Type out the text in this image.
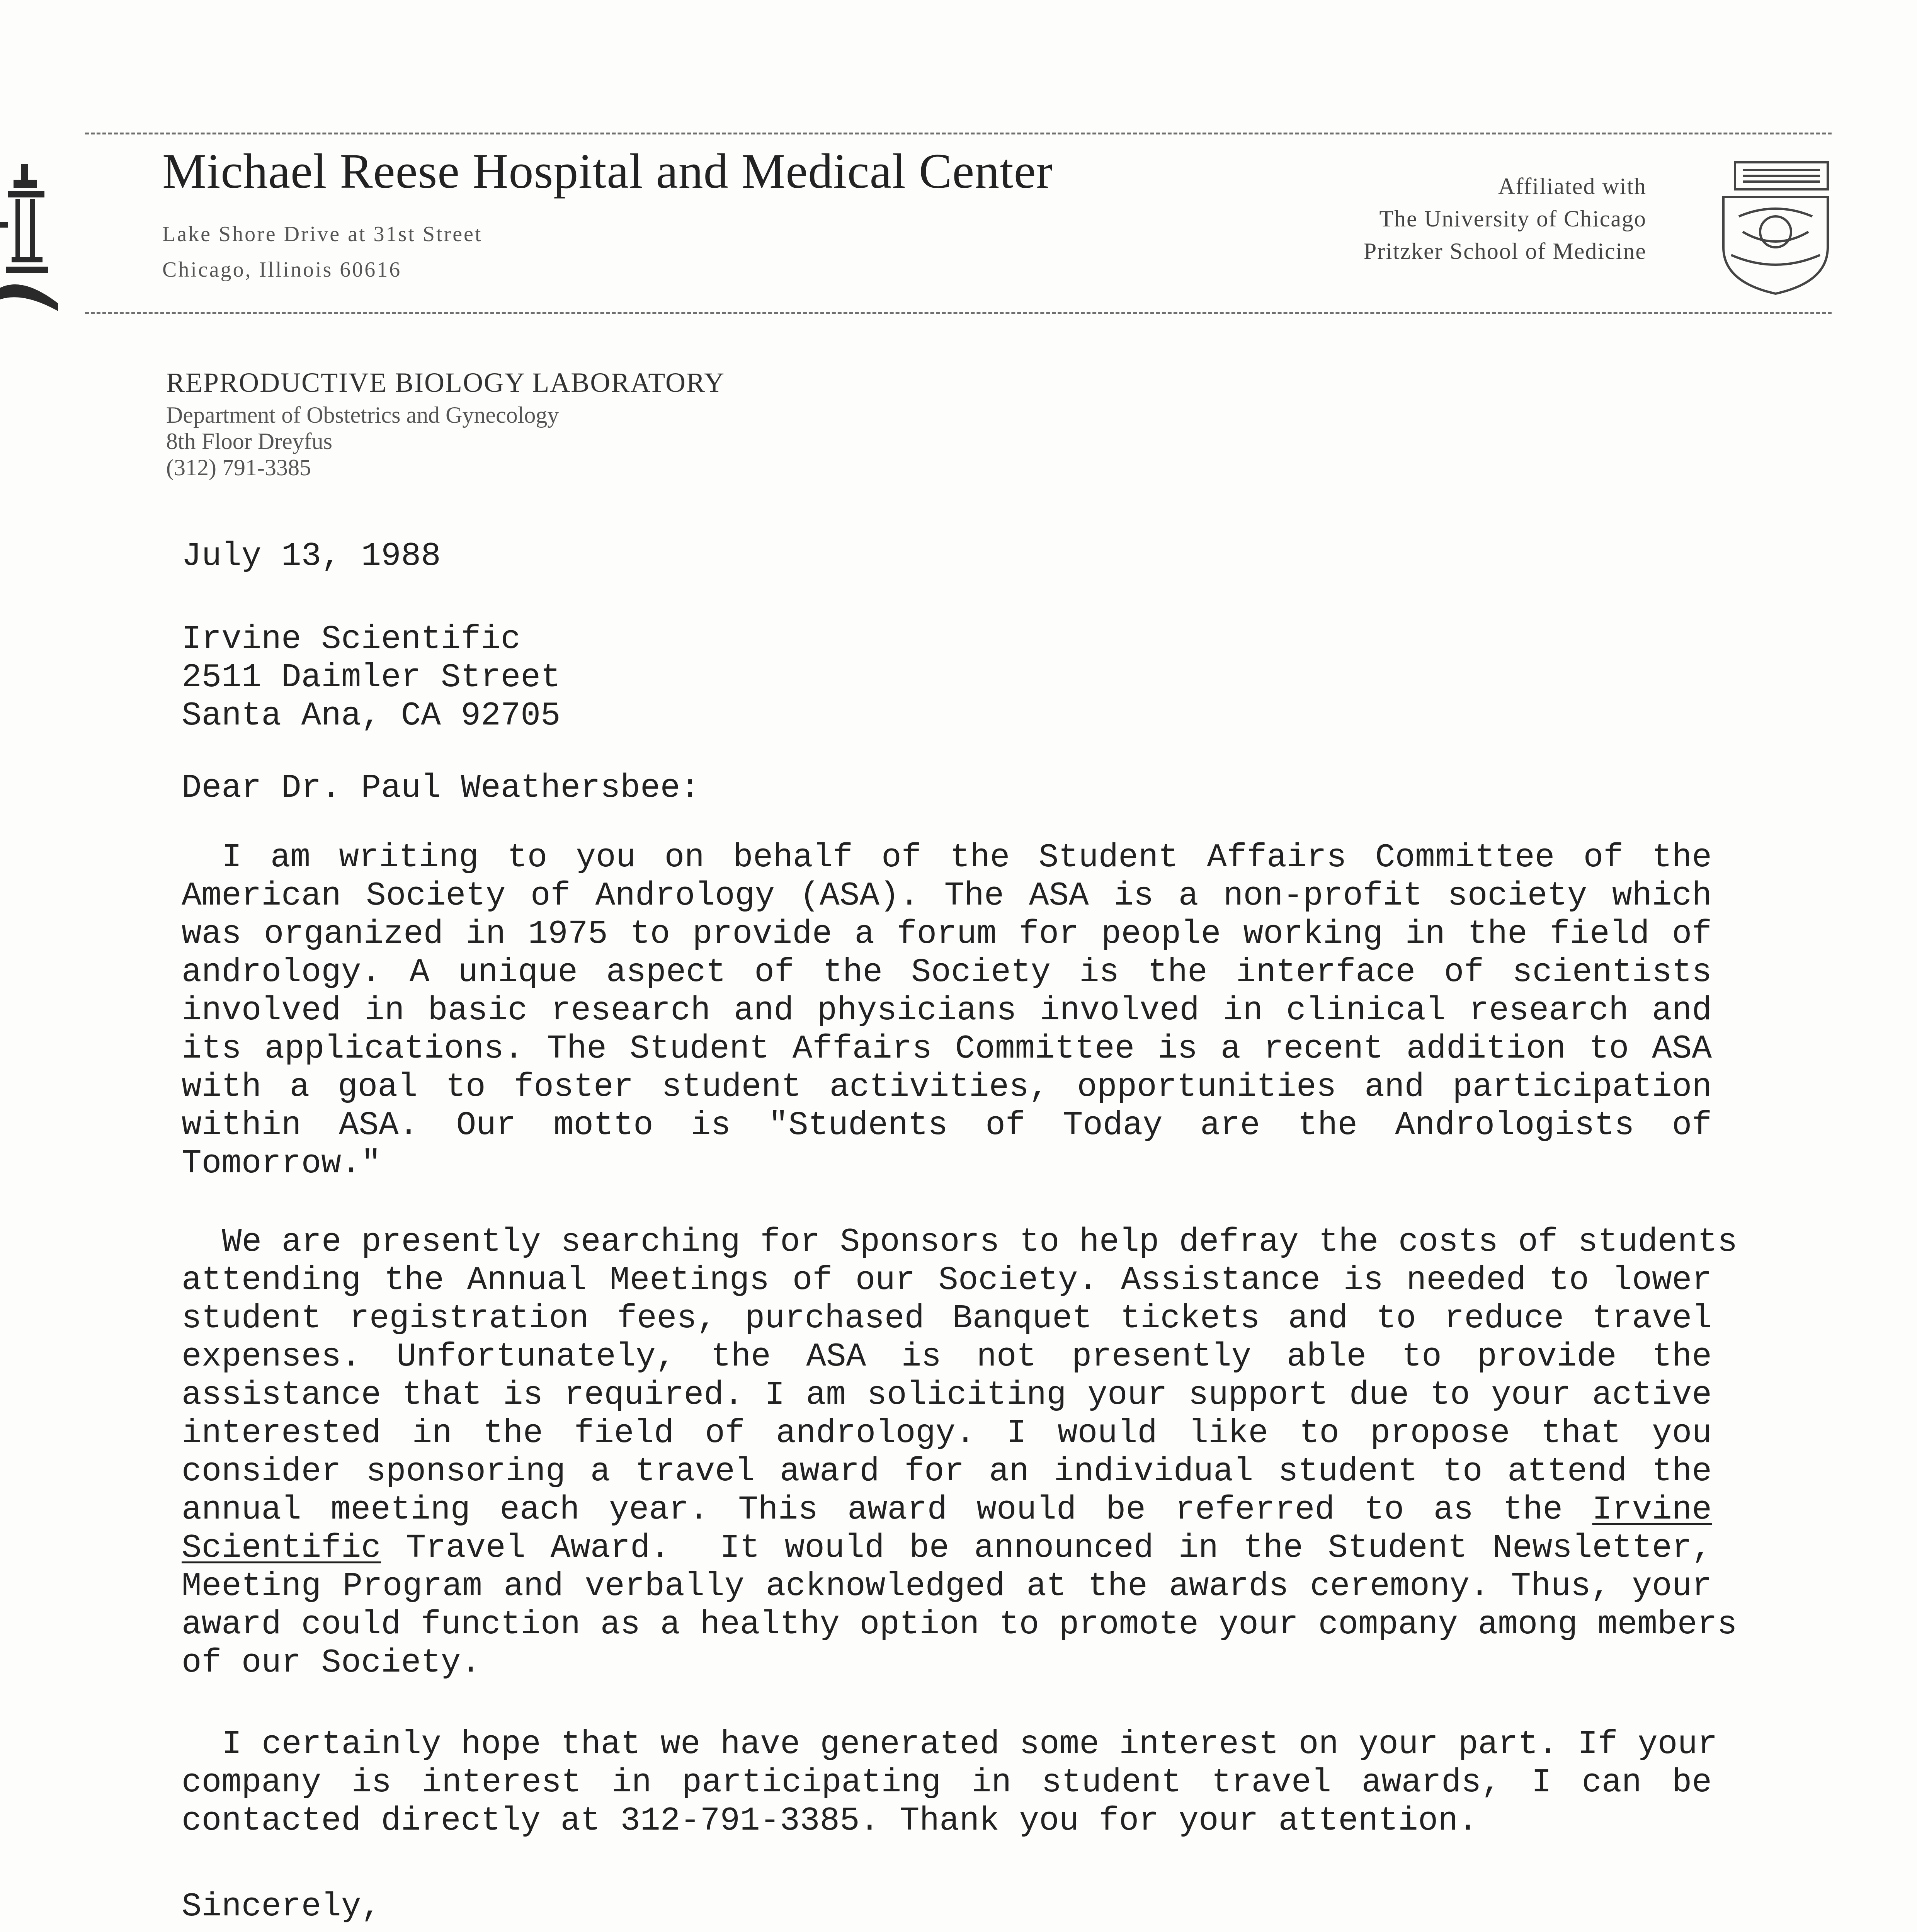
Michael Reese Hospital and Medical Center
Lake Shore Drive at 31st Street
Chicago, Illinois 60616
Affiliated with
The University of Chicago
Pritzker School of Medicine
REPRODUCTIVE BIOLOGY LABORATORY
Department of Obstetrics and Gynecology
8th Floor Dreyfus
(312) 791-3385
July 13, 1988
Irvine Scientific
2511 Daimler Street
Santa Ana, CA 92705
Dear Dr. Paul Weathersbee:
I am writing to you on behalf of the Student Affairs Committee of the
American Society of Andrology (ASA). The ASA is a non-profit society which
was organized in 1975 to provide a forum for people working in the field of
andrology. A unique aspect of the Society is the interface of scientists
involved in basic research and physicians involved in clinical research and
its applications. The Student Affairs Committee is a recent addition to ASA
with a goal to foster student activities, opportunities and participation
within ASA. Our motto is "Students of Today are the Andrologists of
Tomorrow."
We are presently searching for Sponsors to help defray the costs of students
attending the Annual Meetings of our Society. Assistance is needed to lower
student registration fees, purchased Banquet tickets and to reduce travel
expenses. Unfortunately, the ASA is not presently able to provide the
assistance that is required. I am soliciting your support due to your active
interested in the field of andrology. I would like to propose that you
consider sponsoring a travel award for an individual student to attend the
annual meeting each year. This award would be referred to as the Irvine
Scientific Travel Award.  It would be announced in the Student Newsletter,
Meeting Program and verbally acknowledged at the awards ceremony. Thus, your
award could function as a healthy option to promote your company among members
of our Society.
I certainly hope that we have generated some interest on your part. If your
company is interest in participating in student travel awards, I can be
contacted directly at 312-791-3385. Thank you for your attention.
Sincerely,
